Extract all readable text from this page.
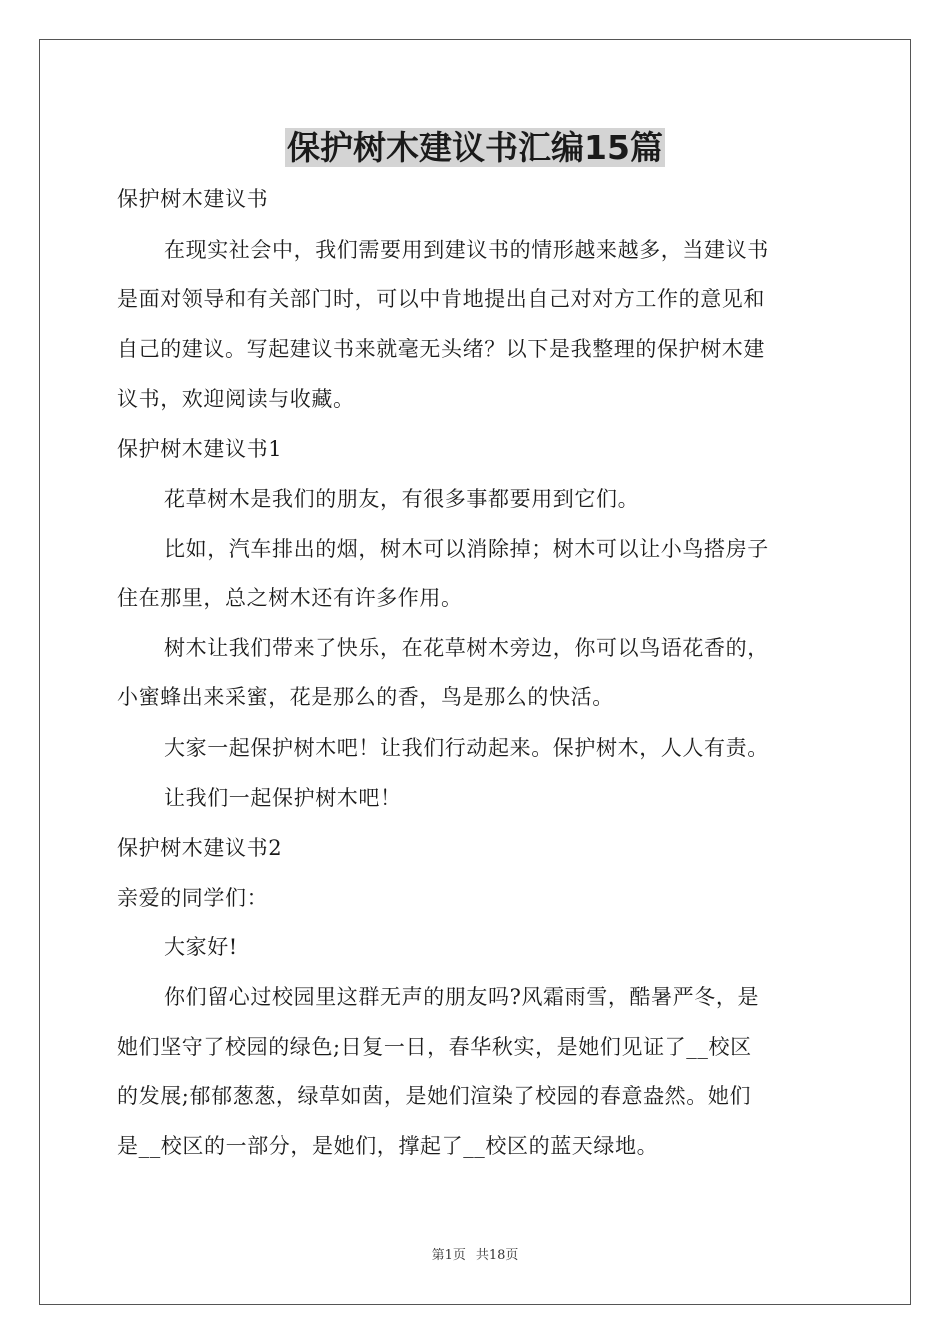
保护树木建议书汇编15篇
保护树木建议书
在现实社会中，我们需要用到建议书的情形越来越多，当建议书
是面对领导和有关部门时，可以中肯地提出自己对对方工作的意见和
自己的建议。写起建议书来就毫无头绪？以下是我整理的保护树木建
议书，欢迎阅读与收藏。
保护树木建议书1
花草树木是我们的朋友，有很多事都要用到它们。
比如，汽车排出的烟，树木可以消除掉；树木可以让小鸟搭房子
住在那里，总之树木还有许多作用。
树木让我们带来了快乐，在花草树木旁边，你可以鸟语花香的，
小蜜蜂出来采蜜，花是那么的香，鸟是那么的快活。
大家一起保护树木吧！让我们行动起来。保护树木，人人有责。
让我们一起保护树木吧！
保护树木建议书2
亲爱的同学们：
大家好!
你们留心过校园里这群无声的朋友吗?风霜雨雪，酷暑严冬，是
她们坚守了校园的绿色;日复一日，春华秋实，是她们见证了__校区
的发展;郁郁葱葱，绿草如茵，是她们渲染了校园的春意盎然。她们
是__校区的一部分，是她们，撑起了__校区的蓝天绿地。
第1页 共18页
